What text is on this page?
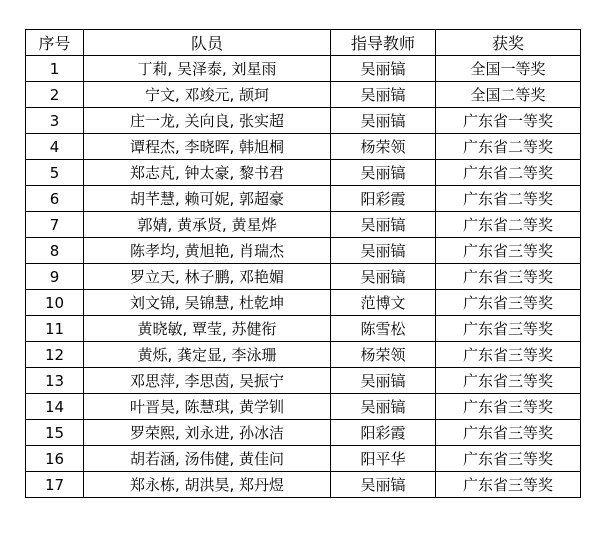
序号	队员	指导教师	获奖
1	丁莉, 吴泽泰, 刘星雨	吴丽镐	全国一等奖
2	宁文, 邓竣元, 颉珂	吴丽镐	全国二等奖
3	庄一龙, 关向良, 张实超	吴丽镐	广东省一等奖
4	谭程杰, 李晓晖, 韩旭桐	杨荣领	广东省二等奖
5	郑志芃, 钟太豪, 黎书君	吴丽镐	广东省二等奖
6	胡芊慧, 赖可妮, 郭超豪	阳彩霞	广东省二等奖
7	郭婧, 黄承贤, 黄星烨	吴丽镐	广东省二等奖
8	陈孝均, 黄旭艳, 肖瑞杰	吴丽镐	广东省三等奖
9	罗立天, 林子鹏, 邓艳媚	吴丽镐	广东省三等奖
10	刘文锦, 吴锦慧, 杜乾坤	范博文	广东省三等奖
11	黄晓敏, 覃莹, 苏健衔	陈雪松	广东省三等奖
12	黄烁, 龚定显, 李泳珊	杨荣领	广东省三等奖
13	邓思萍, 李思茵, 吴振宁	吴丽镐	广东省三等奖
14	叶晋昊, 陈慧琪, 黄学钏	吴丽镐	广东省三等奖
15	罗荣熙, 刘永进, 孙冰洁	阳彩霞	广东省三等奖
16	胡若涵, 汤伟健, 黄佳问	阳平华	广东省三等奖
17	郑永栋, 胡洪昊, 郑丹煜	吴丽镐	广东省三等奖
